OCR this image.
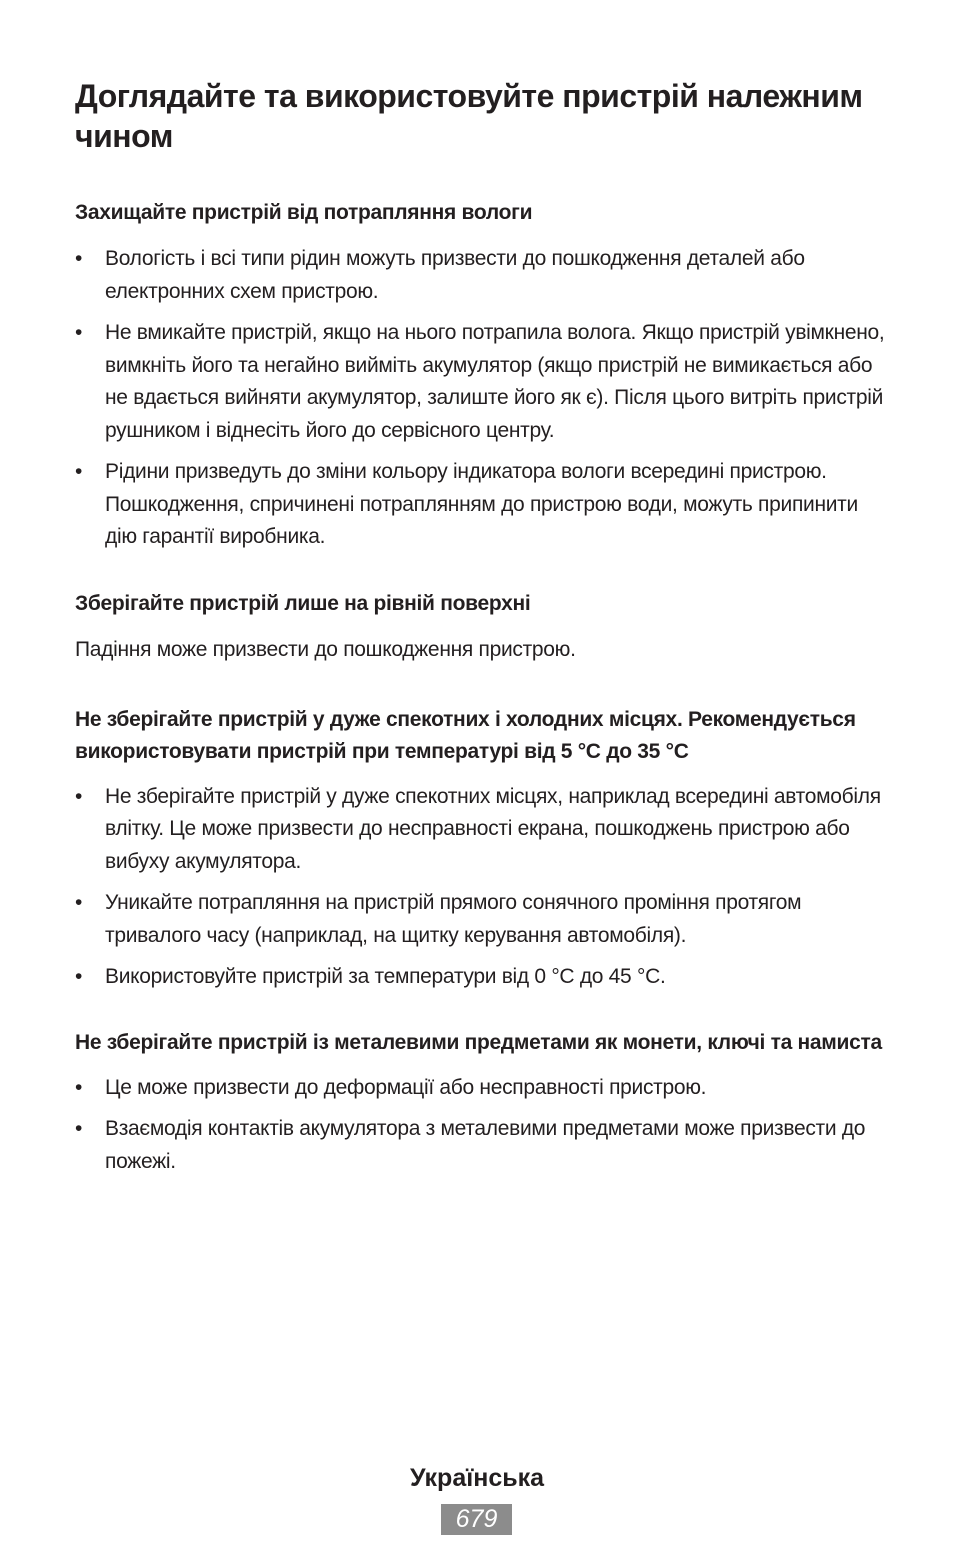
Доглядайте та використовуйте пристрій належним чином
Захищайте пристрій від потрапляння вологи
• Вологість і всі типи рідин можуть призвести до пошкодження деталей або електронних схем пристрою.
• Не вмикайте пристрій, якщо на нього потрапила волога. Якщо пристрій увімкнено, вимкніть його та негайно вийміть акумулятор (якщо пристрій не вимикається або не вдається вийняти акумулятор, залиште його як є). Після цього витріть пристрій рушником і віднесіть його до сервісного центру.
• Рідини призведуть до зміни кольору індикатора вологи всередині пристрою. Пошкодження, спричинені потраплянням до пристрою води, можуть припинити дію гарантії виробника.
Зберігайте пристрій лише на рівній поверхні
Падіння може призвести до пошкодження пристрою.
Не зберігайте пристрій у дуже спекотних і холодних місцях. Рекомендується використовувати пристрій при температурі від 5 °C до 35 °C
• Не зберігайте пристрій у дуже спекотних місцях, наприклад всередині автомобіля влітку. Це може призвести до несправності екрана, пошкоджень пристрою або вибуху акумулятора.
• Уникайте потрапляння на пристрій прямого сонячного проміння протягом тривалого часу (наприклад, на щитку керування автомобіля).
• Використовуйте пристрій за температури від 0 °C до 45 °C.
Не зберігайте пристрій із металевими предметами як монети, ключі та намиста
• Це може призвести до деформації або несправності пристрою.
• Взаємодія контактів акумулятора з металевими предметами може призвести до пожежі.
Українська
679
